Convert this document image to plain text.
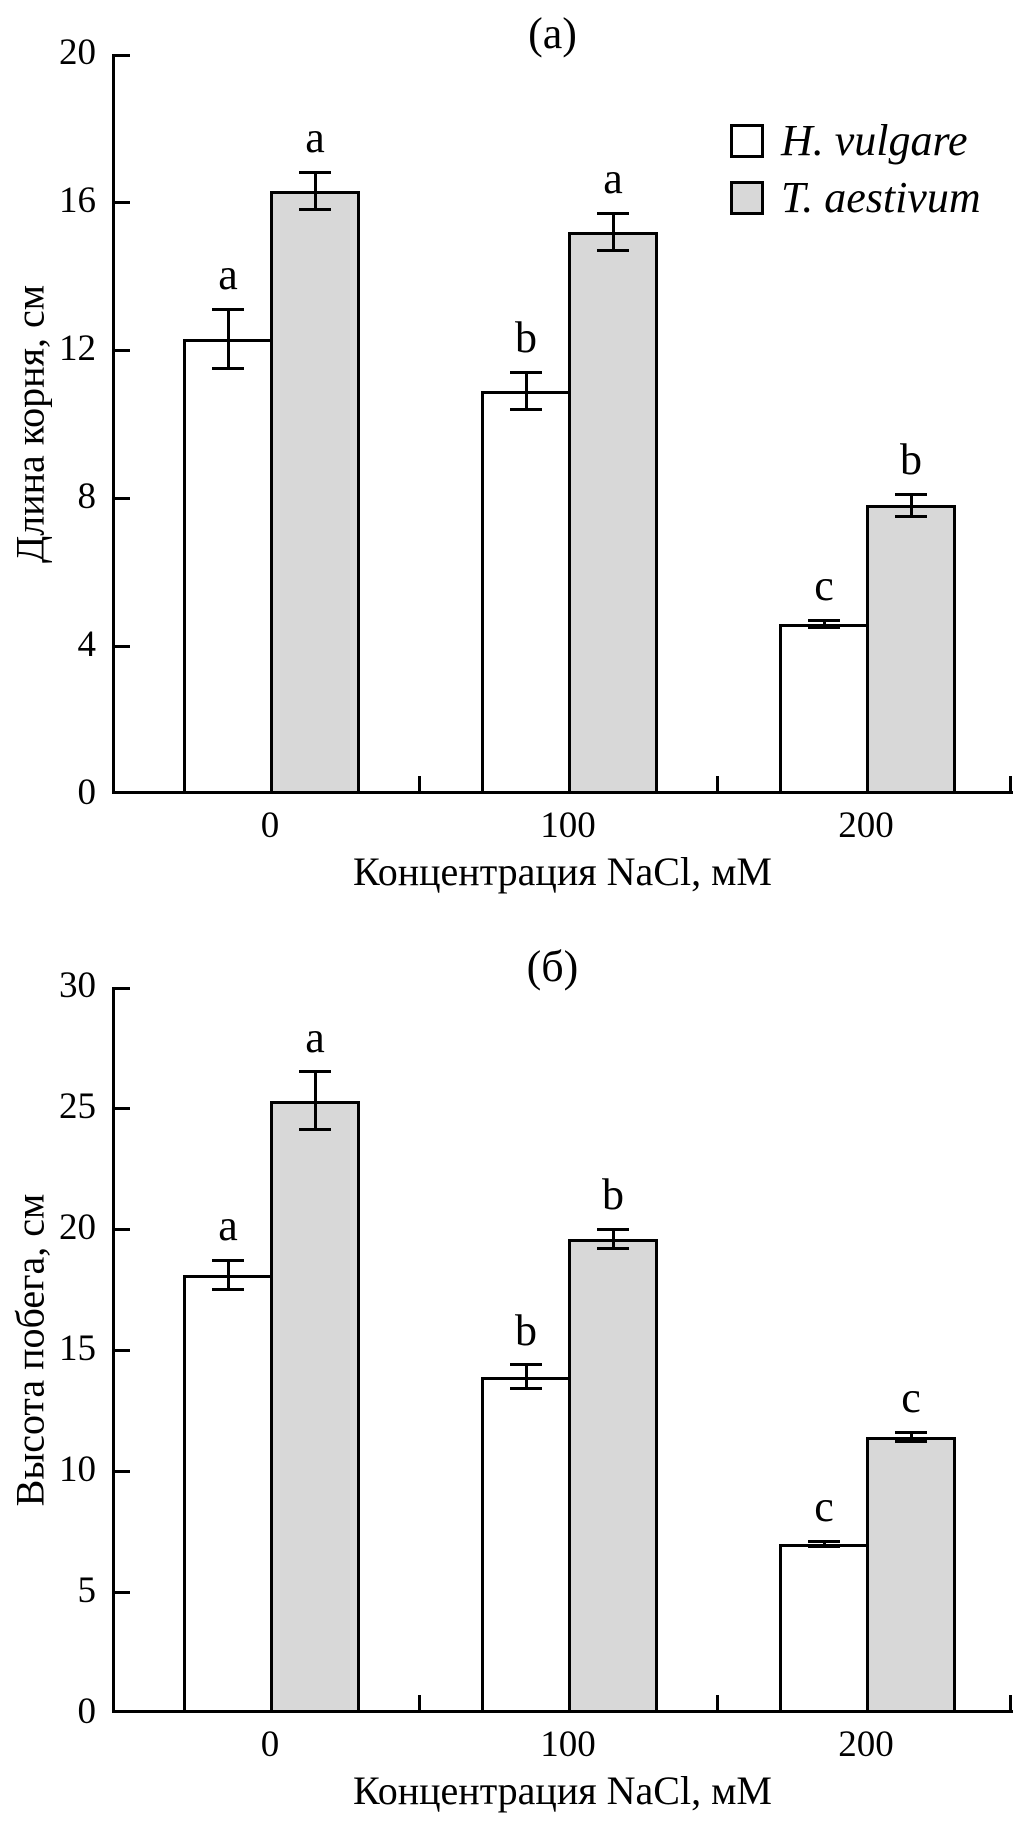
(а)
Длина корня, см
0
4
8
12
16
20
a
a
0
b
a
100
c
b
200
H. vulgare
T. aestivum
Концентрация NaCl, мМ
(б)
Высота побега, см
0
5
10
15
20
25
30
a
a
0
b
b
100
c
c
200
Концентрация NaCl, мМ
